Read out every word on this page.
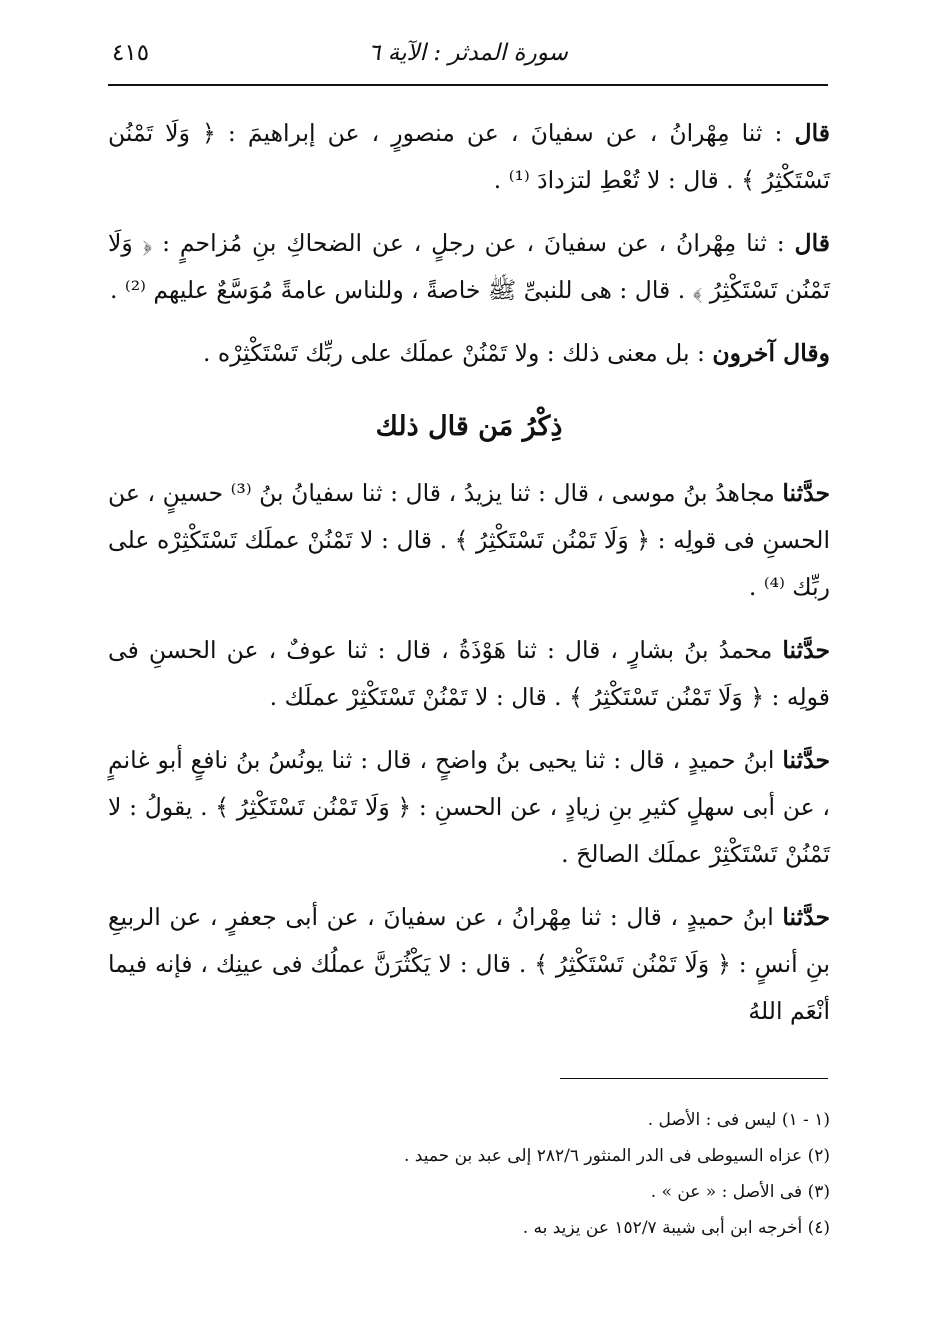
سورة المدثر : الآية ٦
٤١٥

قال : ثنا مِهْرانُ ، عن سفيانَ ، عن منصورٍ ، عن إبراهيمَ : ﴿ وَلَا تَمْنُن تَسْتَكْثِرُ ﴾ . قال : لا تُعْطِ لتزدادَ ⁽¹⁾ .

قال : ثنا مِهْرانُ ، عن سفيانَ ، عن رجلٍ ، عن الضحاكِ بنِ مُزاحمٍ : ﴿ وَلَا تَمْنُن تَسْتَكْثِرُ ﴾ . قال : هى للنبىِّ ﷺ خاصةً ، وللناس عامةً مُوَسَّعٌ عليهم ⁽²⁾ .

وقال آخرون : بل معنى ذلك : ولا تَمْنُنْ عملَك على ربِّك تَسْتَكْثِرْه .

ذِكْرُ مَن قال ذلك

حدَّثنا مجاهدُ بنُ موسى ، قال : ثنا يزيدُ ، قال : ثنا سفيانُ بنُ ⁽³⁾ حسينٍ ، عن الحسنِ فى قولِه : ﴿ وَلَا تَمْنُن تَسْتَكْثِرُ ﴾ . قال : لا تَمْنُنْ عملَك تَسْتَكْثِرْه على ربِّك ⁽⁴⁾ .

حدَّثنا محمدُ بنُ بشارٍ ، قال : ثنا هَوْذَةُ ، قال : ثنا عوفٌ ، عن الحسنِ فى قولِه : ﴿ وَلَا تَمْنُن تَسْتَكْثِرُ ﴾ . قال : لا تَمْنُنْ تَسْتَكْثِرْ عملَك .

حدَّثنا ابنُ حميدٍ ، قال : ثنا يحيى بنُ واضحٍ ، قال : ثنا يونُسُ بنُ نافعٍ أبو غانمٍ ، عن أبى سهلٍ كثيرِ بنِ زيادٍ ، عن الحسنِ : ﴿ وَلَا تَمْنُن تَسْتَكْثِرُ ﴾ . يقولُ : لا تَمْنُنْ تَسْتَكْثِرْ عملَك الصالحَ .

حدَّثنا ابنُ حميدٍ ، قال : ثنا مِهْرانُ ، عن سفيانَ ، عن أبى جعفرٍ ، عن الربيعِ بنِ أنسٍ : ﴿ وَلَا تَمْنُن تَسْتَكْثِرُ ﴾ . قال : لا يَكْثُرَنَّ عملُك فى عينِك ، فإنه فيما أنْعَم اللهُ

(١ - ١) ليس فى : الأصل .

(٢) عزاه السيوطى فى الدر المنثور ٢٨٢/٦ إلى عبد بن حميد .

(٣) فى الأصل : « عن » .

(٤) أخرجه ابن أبى شيبة ١٥٢/٧ عن يزيد به .
